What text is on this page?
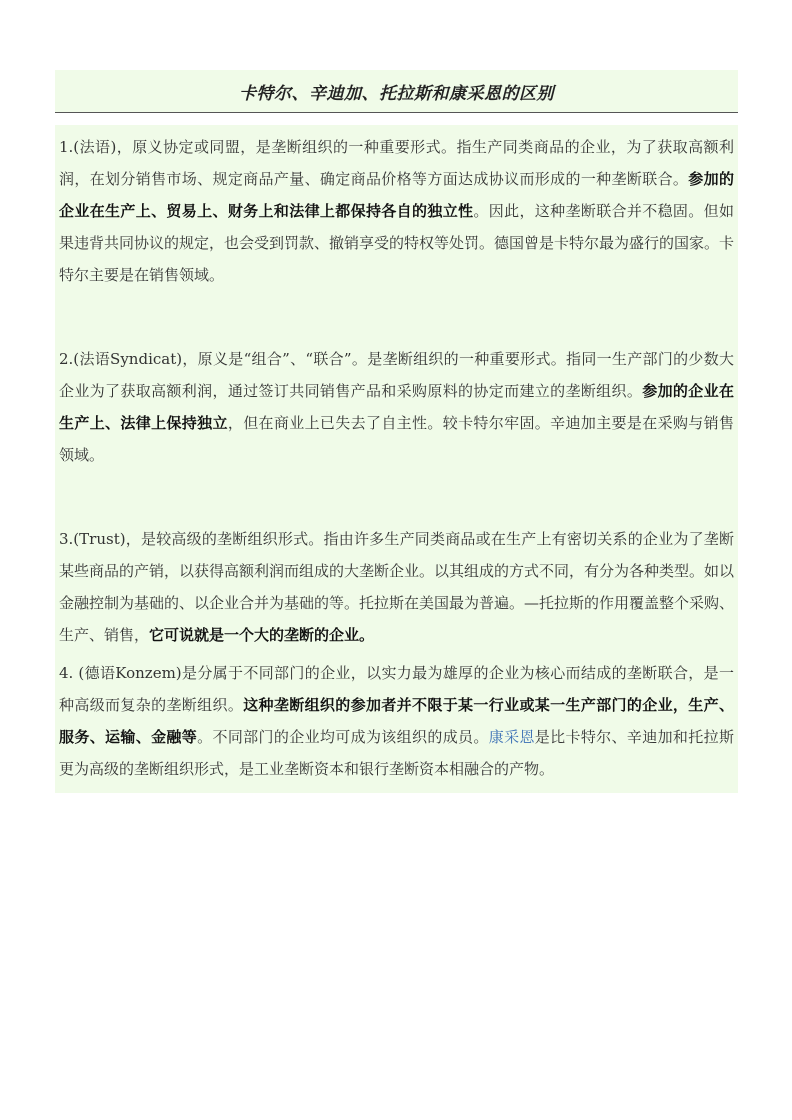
卡特尔、辛迪加、托拉斯和康采恩的区别

1.(法语)，原义协定或同盟，是垄断组织的一种重要形式。指生产同类商品的企业，为了获取高额利润，在划分销售市场、规定商品产量、确定商品价格等方面达成协议而形成的一种垄断联合。参加的企业在生产上、贸易上、财务上和法律上都保持各自的独立性。因此，这种垄断联合并不稳固。但如果违背共同协议的规定，也会受到罚款、撤销享受的特权等处罚。德国曾是卡特尔最为盛行的国家。卡特尔主要是在销售领域。

2.(法语Syndicat)，原义是“组合”、“联合”。是垄断组织的一种重要形式。指同一生产部门的少数大企业为了获取高额利润，通过签订共同销售产品和采购原料的协定而建立的垄断组织。参加的企业在生产上、法律上保持独立，但在商业上已失去了自主性。较卡特尔牢固。辛迪加主要是在采购与销售领域。

3.(Trust)，是较高级的垄断组织形式。指由许多生产同类商品或在生产上有密切关系的企业为了垄断某些商品的产销，以获得高额利润而组成的大垄断企业。以其组成的方式不同，有分为各种类型。如以金融控制为基础的、以企业合并为基础的等。托拉斯在美国最为普遍。—托拉斯的作用覆盖整个采购、生产、销售，它可说就是一个大的垄断的企业。

4. (德语Konzem)是分属于不同部门的企业，以实力最为雄厚的企业为核心而结成的垄断联合，是一种高级而复杂的垄断组织。这种垄断组织的参加者并不限于某一行业或某一生产部门的企业，生产、服务、运输、金融等。不同部门的企业均可成为该组织的成员。康采恩是比卡特尔、辛迪加和托拉斯更为高级的垄断组织形式，是工业垄断资本和银行垄断资本相融合的产物。
